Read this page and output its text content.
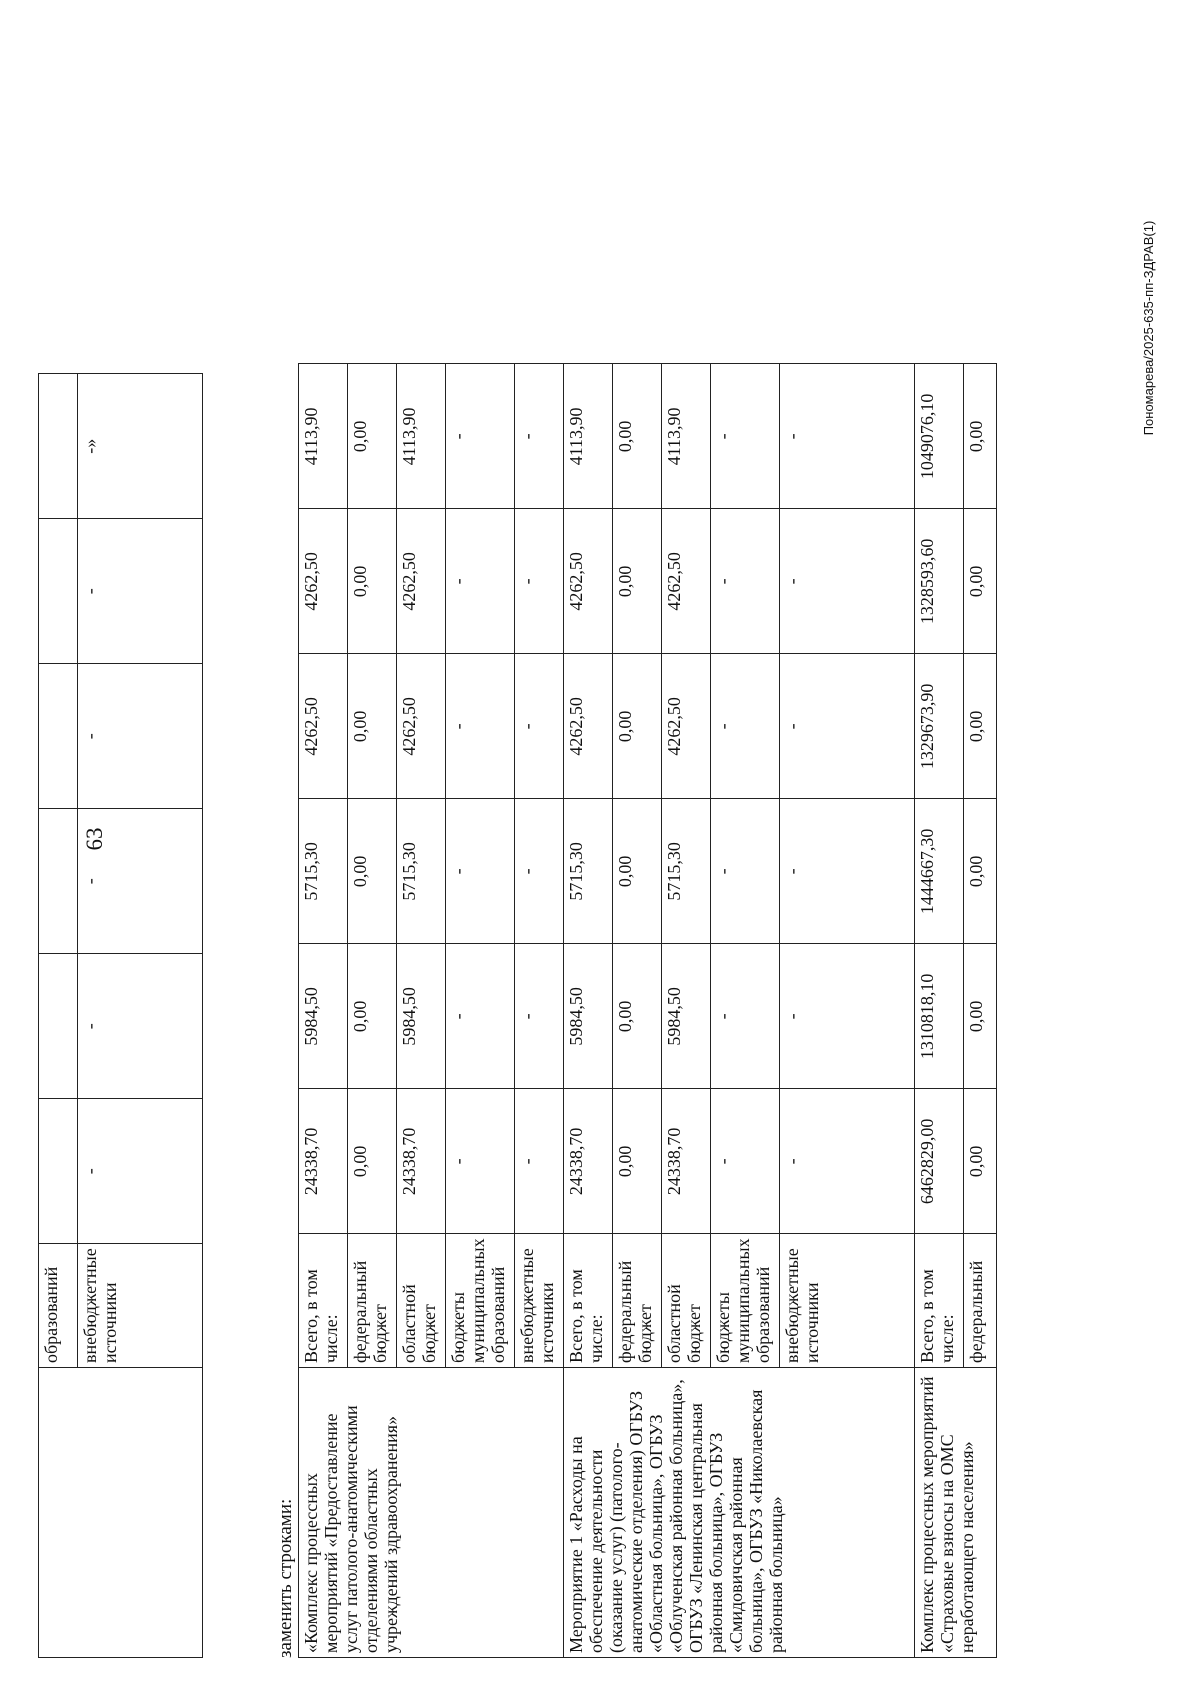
63
	образований						
	внебюджетные источники	-	-	-	-	-	-»
заменить строками: «Комплекс процессных мероприятий «Предоставление услуг патолого-анатомическими отделениями областных учреждений здравоохранения»	Всего, в том числе:	24338,70	5984,50	5715,30	4262,50	4262,50	4113,90
	федеральный бюджет	0,00	0,00	0,00	0,00	0,00	0,00
	областной бюджет	24338,70	5984,50	5715,30	4262,50	4262,50	4113,90
	бюджеты муниципальных образований	-	-	-	-	-	-
	внебюджетные источники	-	-	-	-	-	-
Мероприятие 1 «Расходы на обеспечение деятельности (оказание услуг) (патолого-анатомические отделения) ОГБУЗ «Областная больница», ОГБУЗ «Облученская районная больница», ОГБУЗ «Ленинская центральная районная больница», ОГБУЗ «Смидовичская районная больница», ОГБУЗ «Николаевская районная больница»	Всего, в том числе:	24338,70	5984,50	5715,30	4262,50	4262,50	4113,90
	федеральный бюджет	0,00	0,00	0,00	0,00	0,00	0,00
	областной бюджет	24338,70	5984,50	5715,30	4262,50	4262,50	4113,90
	бюджеты муниципальных образований	-	-	-	-	-	-
	внебюджетные источники	-	-	-	-	-	-
Комплекс процессных мероприятий «Страховые взносы на ОМС неработающего населения»	Всего, в том числе:	6462829,00	1310818,10	1444667,30	1329673,90	1328593,60	1049076,10
	федеральный	0,00	0,00	0,00	0,00	0,00	0,00
Пономарева/2025-635-пп-ЗДРАВ(1)
